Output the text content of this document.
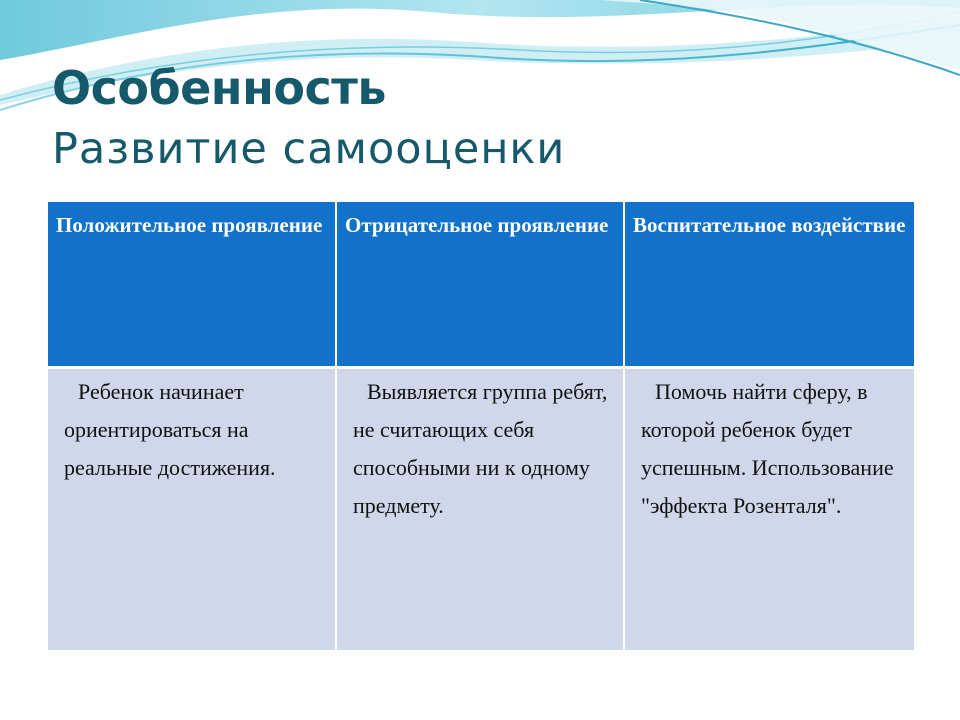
Особенность
Развитие самооценки
Положительное проявление	Отрицательное проявление	Воспитательное воздействие

Ребенок начинает ориентироваться на реальные достижения.	Выявляется группа ребят, не считающих себя способными ни к одному предмету.	Помочь найти сферу, в которой ребенок будет успешным. Использование "эффекта Розенталя".
